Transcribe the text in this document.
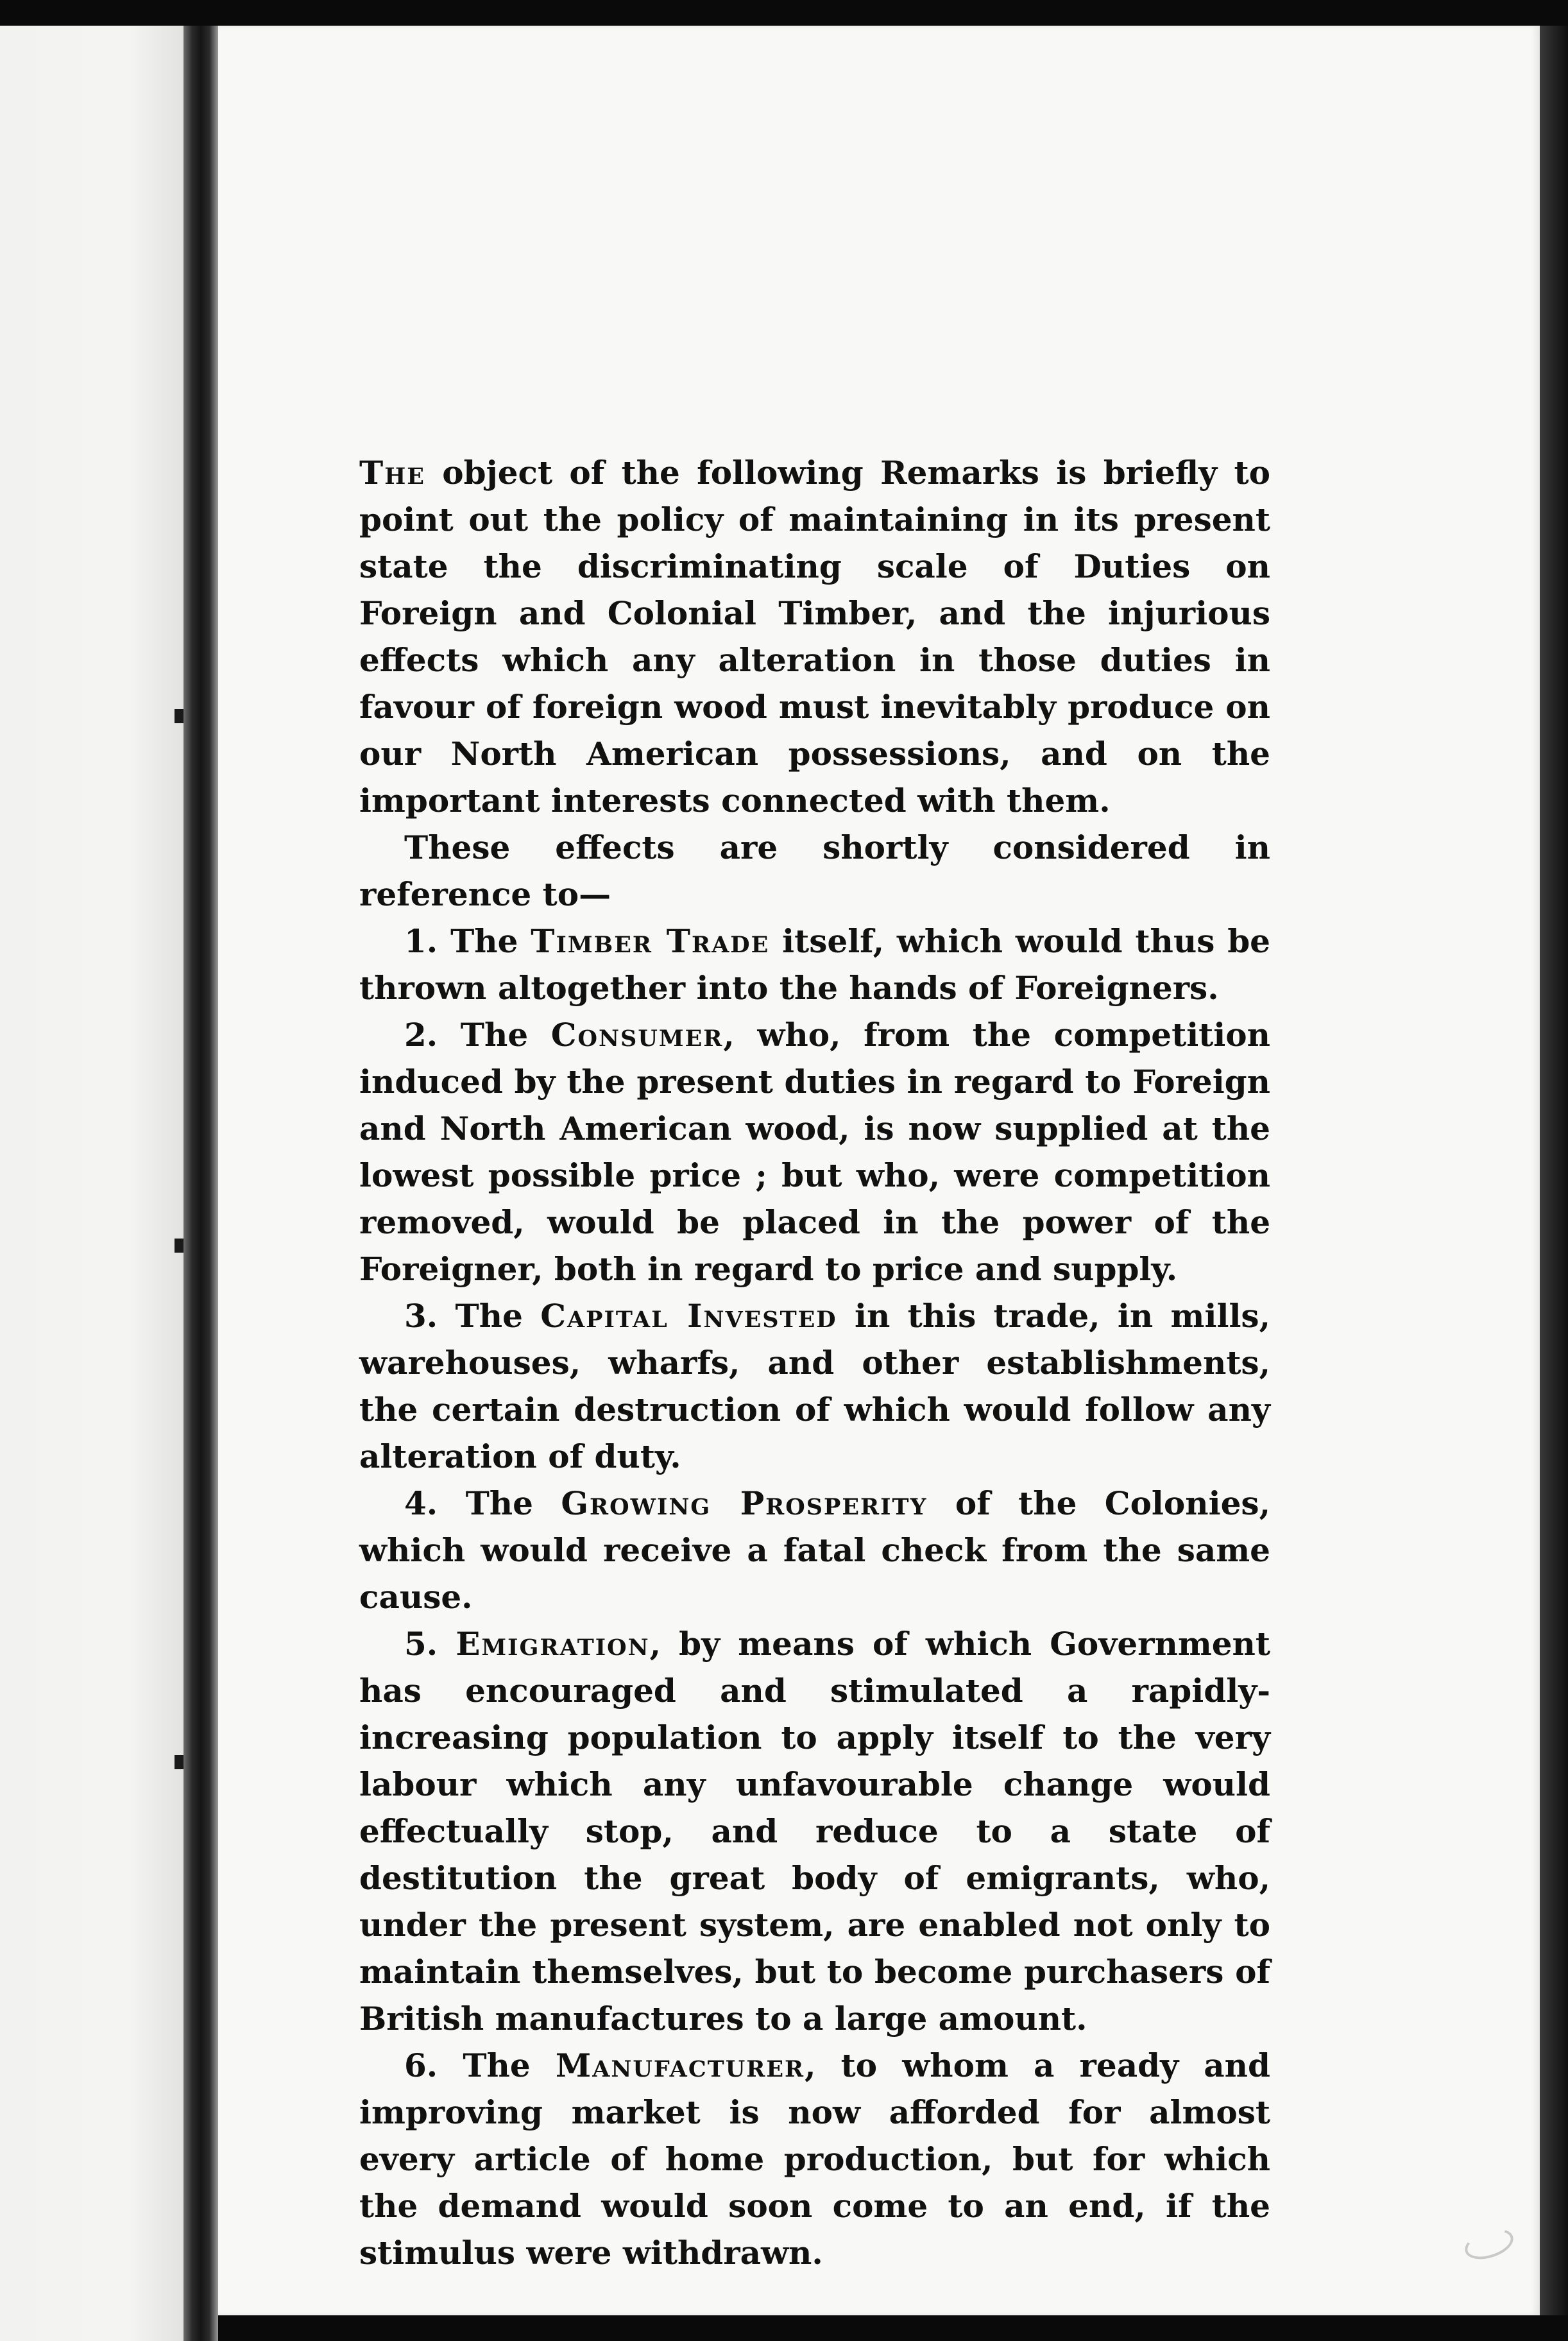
The object of the following Remarks is briefly to point out the policy of maintaining in its present state the discriminating scale of Duties on Foreign and Colonial Timber, and the injurious effects which any alteration in those duties in favour of foreign wood must inevitably produce on our North American possessions, and on the important interests connected with them.

These effects are shortly considered in reference to—

1. The Timber Trade itself, which would thus be thrown altogether into the hands of Foreigners.

2. The Consumer, who, from the competition induced by the present duties in regard to Foreign and North American wood, is now supplied at the lowest possible price ; but who, were competition removed, would be placed in the power of the Foreigner, both in regard to price and supply.

3. The Capital Invested in this trade, in mills, warehouses, wharfs, and other establishments, the certain destruction of which would follow any alteration of duty.

4. The Growing Prosperity of the Colonies, which would receive a fatal check from the same cause.

5. Emigration, by means of which Government has encouraged and stimulated a rapidly-increasing population to apply itself to the very labour which any unfavourable change would effectually stop, and reduce to a state of destitution the great body of emigrants, who, under the present system, are enabled not only to maintain themselves, but to become purchasers of British manufactures to a large amount.

6. The Manufacturer, to whom a ready and improving market is now afforded for almost every article of home production, but for which the demand would soon come to an end, if the stimulus were withdrawn.
